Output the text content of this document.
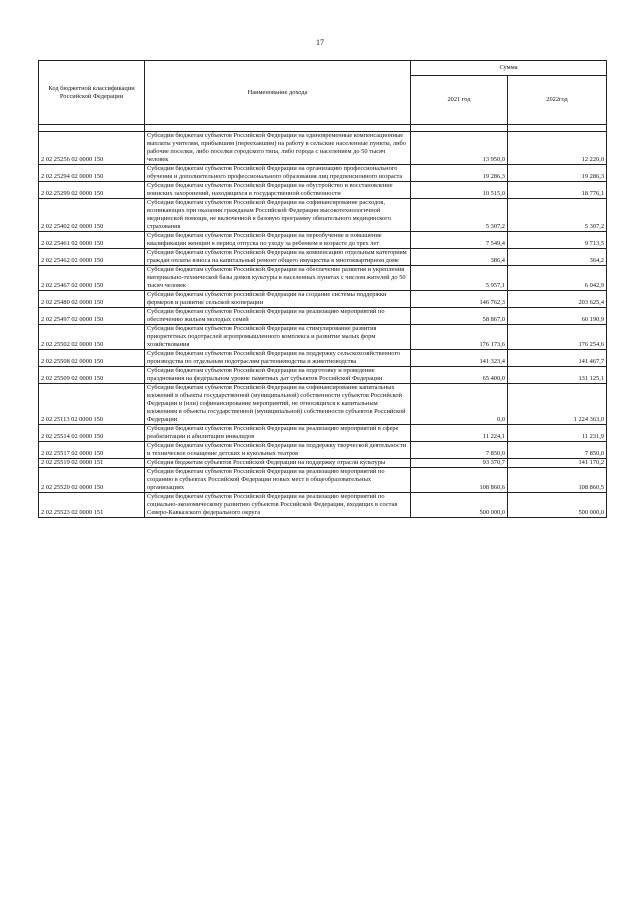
17
Код бюджетной классификации Российской Федерации	Наименование дохода	Сумма	
		2021 год	2022год

2 02 25256 02 0000 150	Субсидии бюджетам субъектов Российской Федерации на единовременные компенсационные выплаты учителям, прибывшим (переехавшим) на работу в сельские населенные пункты, либо рабочие поселки, либо поселки городского типа, либо города с населением до 50 тысяч человек	13 950,0	12 220,0
2 02 25294 02 0000 150	Субсидии бюджетам субъектов Российской Федерации на организацию профессионального обучения и дополнительного профессионального образования лиц предпенсионного возраста	19 286,3	19 286,3
2 02 25299 02 0000 150	Субсидии бюджетам субъектов Российской Федерации на обустройство и восстановление воинских захоронений, находящихся в государственной собственности	10 515,0	18 776,1
2 02 25402 02 0000 150	Субсидии бюджетам субъектов Российской Федерации на софинансирование расходов, возникающих при оказании гражданам Российской Федерации высокотехнологичной медицинской помощи, не включенной в базовую программу обязательного медицинского страхования	5 307,2	5 307,2
2 02 25461 02 0000 150	Субсидии бюджетам субъектов Российской Федерации на переобучение и повышение квалификации женщин в период отпуска по уходу за ребенком в возрасте до трех лет	7 549,4	9 713,5
2 02 25462 02 0000 150	Субсидии бюджетам субъектов Российской Федерации на компенсацию отдельным категориям граждан оплаты взноса на капитальный ремонт общего имущества в многоквартирном доме	386,4	364,2
2 02 25467 02 0000 150	Субсидии бюджетам субъектов Российской Федерации на обеспечение развития и укрепления материально-технической базы домов культуры в населенных пунктах с числом жителей до 50 тысяч человек	5 957,1	6 042,9
2 02 25480 02 0000 150	Субсидии бюджетам субъектов российской Федерации на создание системы поддержки фермеров и развитие сельской кооперации	146 762,3	203 625,4
2 02 25497 02 0000 150	Субсидии бюджетам субъектов Российской Федерации на реализацию мероприятий по обеспечению жильем молодых семей	58 867,0	60 190,9
2 02 25502 02 0000 150	Субсидии бюджетам субъектов Российской Федерации на стимулирование развития приоритетных подотраслей агропромышленного комплекса и развитие малых форм хозяйствования	176 173,6	176 254,6
2 02 25508 02 0000 150	Субсидии бюджетам субъектов Российской Федерации на поддержку сельскохозяйственного производства по отдельным подотраслям растениеводства и животноводства	141 323,4	141 467,7
2 02 25509 02 0000 150	Субсидии бюджетам субъектов Российской Федерации на подготовку и проведение празднования на федеральном уровне памятных дат субъектов Российской Федерации	65 400,0	131 125,1
2 02 25113 02 0000 150	Субсидии бюджетам субъектов Российской Федерации на софинансирование капитальных вложений в объекты государственной (муниципальной) собственности субъектов Российской Федерации и (или) софинансирование мероприятий, не относящихся к капитальным вложениям в объекты государственной (муниципальной) собственности субъектов Российской Федерации	0,0	1 224 363,0
2 02 25514 02 0000 150	Субсидии бюджетам субъектов Российской Федерации на реализацию мероприятий в сфере реабилитации и абилитации инвалидов	11 224,1	11 231,9
2 02 25517 02 0000 150	Субсидии бюджетам субъектов Российской Федерации на поддержку творческой деятельности и техническое оснащение детских и кукольных театров	7 850,0	7 850,0
2 02 25519 02 0000 151	Субсидия бюджетам субъектов Российской Федерации на поддержку отрасли культуры	93 370,7	141 170,2
2 02 25520 02 0000 150	Субсидии бюджетам субъектов Российской Федерации на реализацию мероприятий по созданию в субъектах Российской Федерации новых мест в общеобразовательных организациях	108 860,6	108 860,5
2 02 25523 02 0000 151	Субсидии бюджетам субъектов Российской Федерации на реализацию мероприятий по социально-экономическому развитию субъектов Российской Федерации, входящих в состав Северо-Кавказского федерального округа	500 000,0	500 000,0
